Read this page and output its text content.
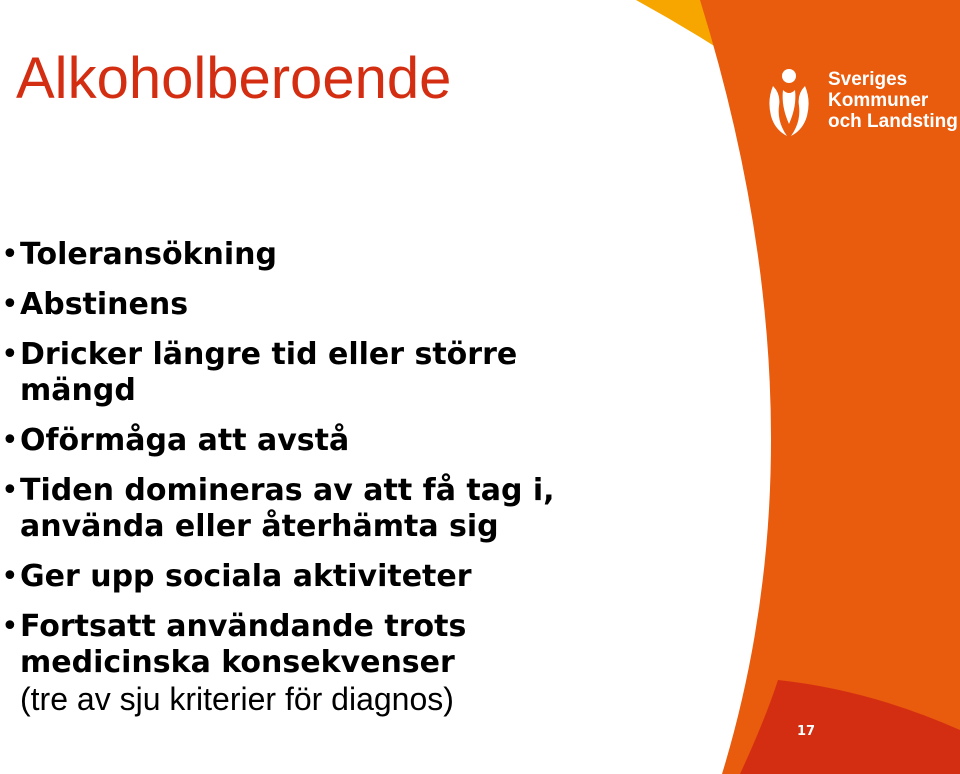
Alkoholberoende
• Toleransökning
• Abstinens
• Dricker längre tid eller större
mängd
• Oförmåga att avstå
• Tiden domineras av att få tag i,
använda eller återhämta sig
• Ger upp sociala aktiviteter
• Fortsatt användande trots
medicinska konsekvenser
(tre av sju kriterier för diagnos)
Sveriges
Kommuner
och Landsting
17
